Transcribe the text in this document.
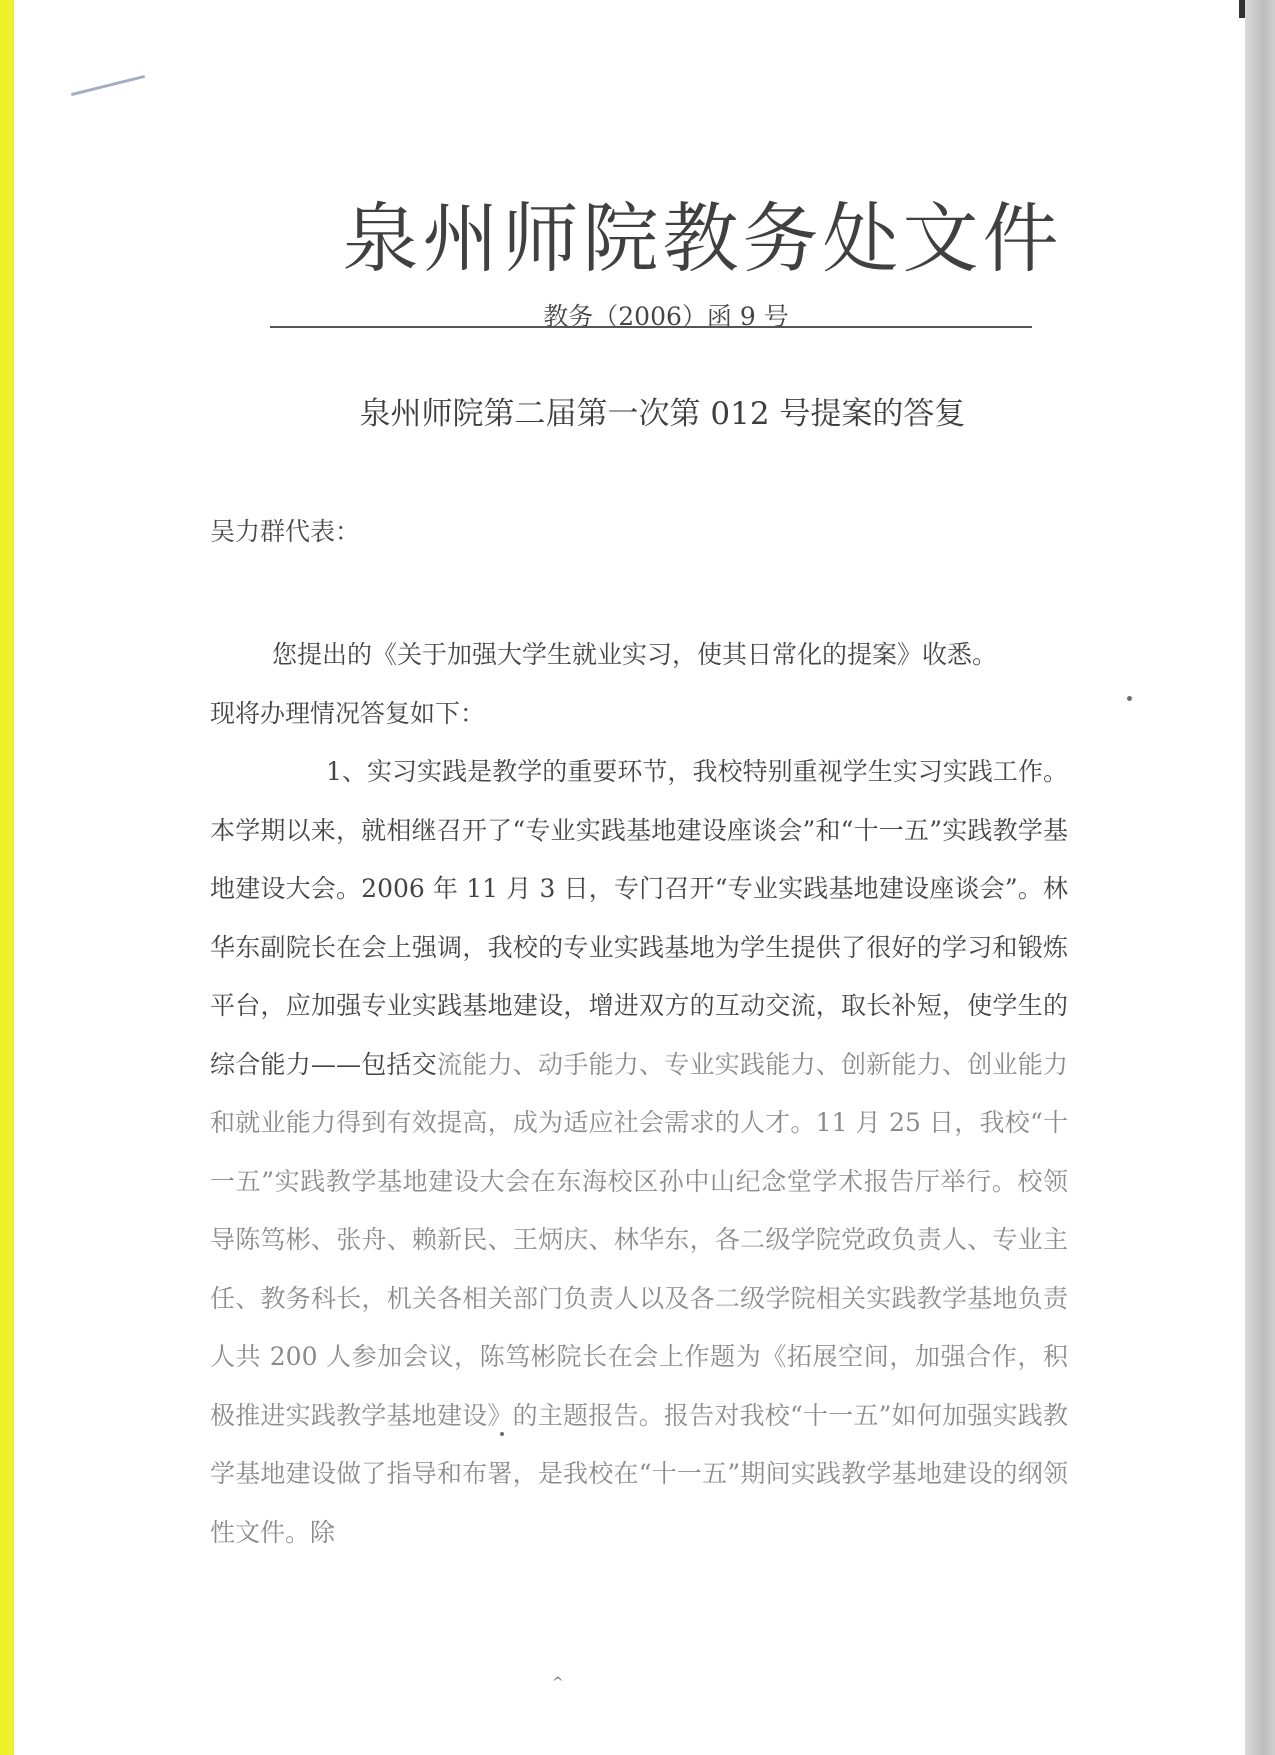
泉州师院教务处文件
教务（2006）函 9 号
泉州师院第二届第一次第 012 号提案的答复
吴力群代表：

您提出的《关于加强大学生就业实习，使其日常化的提案》收悉。

现将办理情况答复如下：

1、实习实践是教学的重要环节，我校特别重视学生实习实践工作。本学期以来，就相继召开了“专业实践基地建设座谈会”和“十一五”实践教学基地建设大会。2006 年 11 月 3 日，专门召开“专业实践基地建设座谈会”。林华东副院长在会上强调，我校的专业实践基地为学生提供了很好的学习和锻炼平台，应加强专业实践基地建设，增进双方的互动交流，取长补短，使学生的综合能力——包括交流能力、动手能力、专业实践能力、创新能力、创业能力和就业能力得到有效提高，成为适应社会需求的人才。11 月 25 日，我校“十一五”实践教学基地建设大会在东海校区孙中山纪念堂学术报告厅举行。校领导陈笃彬、张舟、赖新民、王炳庆、林华东，各二级学院党政负责人、专业主任、教务科长，机关各相关部门负责人以及各二级学院相关实践教学基地负责人共 200 人参加会议，陈笃彬院长在会上作题为《拓展空间，加强合作，积极推进实践教学基地建设》的主题报告。报告对我校“十一五”如何加强实践教学基地建设做了指导和布署，是我校在“十一五”期间实践教学基地建设的纲领性文件。除

^
